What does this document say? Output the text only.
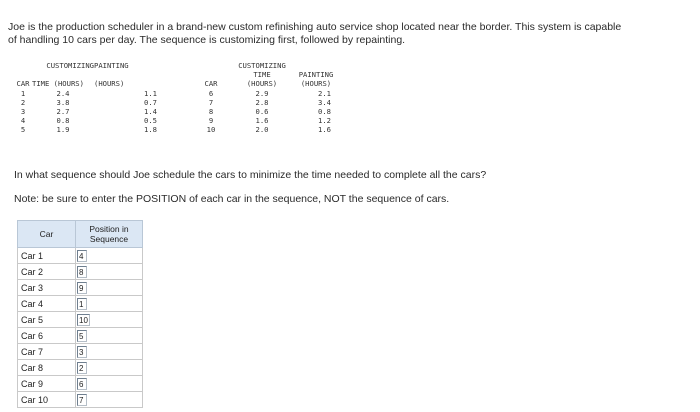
Joe is the production scheduler in a brand-new custom refinishing auto service shop located near the border. This system is capable
of handling 10 cars per day. The sequence is customizing first, followed by repainting.
	CUSTOMIZING	PAINTING			CUSTOMIZING	
					TIME	PAINTING
CAR	TIME (HOURS)	(HOURS)		CAR	(HOURS)	(HOURS)
1	2.4	1.1		6	2.9	2.1
2	3.8	0.7		7	2.8	3.4
3	2.7	1.4		8	0.6	0.8
4	0.8	0.5		9	1.6	1.2
5	1.9	1.8		10	2.0	1.6
In what sequence should Joe schedule the cars to minimize the time needed to complete all the cars?
Note: be sure to enter the POSITION of each car in the sequence, NOT the sequence of cars.
Car	Position in Sequence
Car 1	4
Car 2	8
Car 3	9
Car 4	1
Car 5	10
Car 6	5
Car 7	3
Car 8	2
Car 9	6
Car 10	7
